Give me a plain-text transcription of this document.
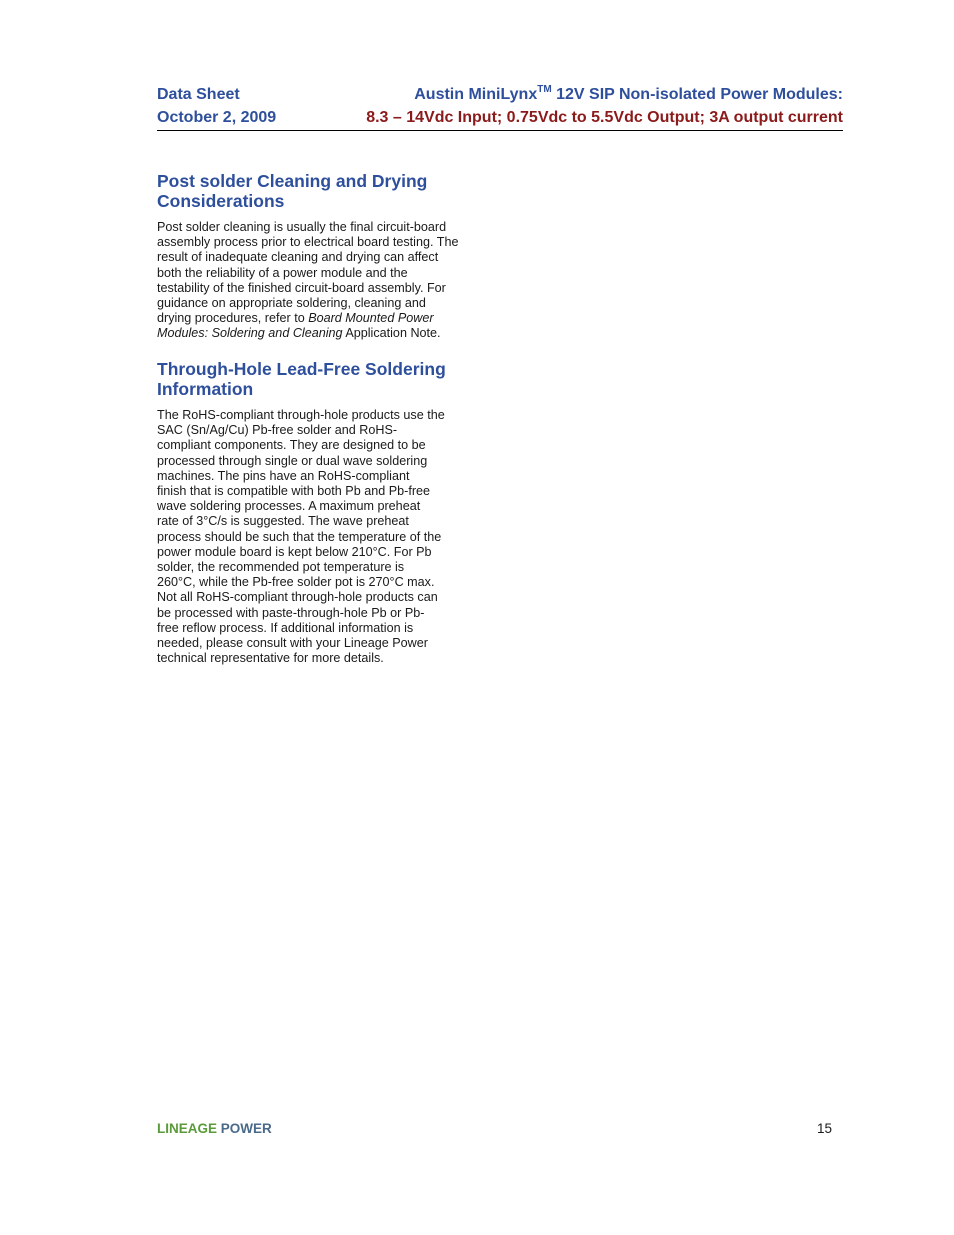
Data Sheet
October 2, 2009
Austin MiniLynx™ 12V SIP Non-isolated Power Modules:
8.3 – 14Vdc Input; 0.75Vdc to 5.5Vdc Output; 3A output current
Post solder Cleaning and Drying
Considerations
Post solder cleaning is usually the final circuit-board
assembly process prior to electrical board testing. The
result of inadequate cleaning and drying can affect
both the reliability of a power module and the
testability of the finished circuit-board assembly. For
guidance on appropriate soldering, cleaning and
drying procedures, refer to Board Mounted Power
Modules: Soldering and Cleaning Application Note.
Through-Hole Lead-Free Soldering
Information
The RoHS-compliant through-hole products use the
SAC (Sn/Ag/Cu) Pb-free solder and RoHS-
compliant components. They are designed to be
processed through single or dual wave soldering
machines. The pins have an RoHS-compliant
finish that is compatible with both Pb and Pb-free
wave soldering processes. A maximum preheat
rate of 3°C/s is suggested. The wave preheat
process should be such that the temperature of the
power module board is kept below 210°C. For Pb
solder, the recommended pot temperature is
260°C, while the Pb-free solder pot is 270°C max.
Not all RoHS-compliant through-hole products can
be processed with paste-through-hole Pb or Pb-
free reflow process. If additional information is
needed, please consult with your Lineage Power
technical representative for more details.
LINEAGE POWER	15
